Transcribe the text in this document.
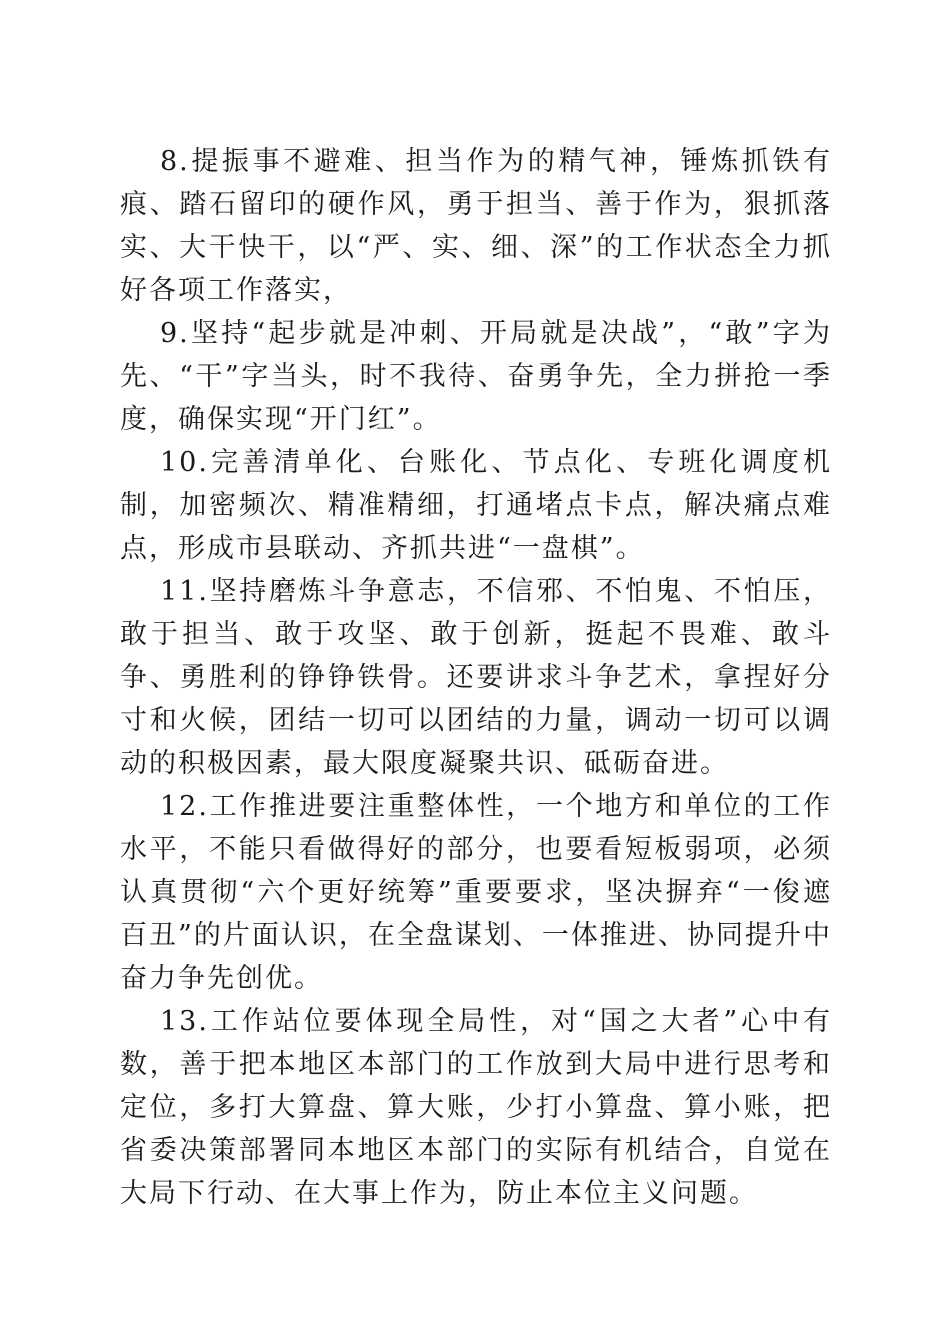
8.提振事不避难、担当作为的精气神，锤炼抓铁有痕、踏石留印的硬作风，勇于担当、善于作为，狠抓落实、大干快干，以“严、实、细、深”的工作状态全力抓好各项工作落实，

9.坚持“起步就是冲刺、开局就是决战”，“敢”字为先、“干”字当头，时不我待、奋勇争先，全力拼抢一季度，确保实现“开门红”。

10.完善清单化、台账化、节点化、专班化调度机制，加密频次、精准精细，打通堵点卡点，解决痛点难点，形成市县联动、齐抓共进“一盘棋”。

11.坚持磨炼斗争意志，不信邪、不怕鬼、不怕压，敢于担当、敢于攻坚、敢于创新，挺起不畏难、敢斗争、勇胜利的铮铮铁骨。还要讲求斗争艺术，拿捏好分寸和火候，团结一切可以团结的力量，调动一切可以调动的积极因素，最大限度凝聚共识、砥砺奋进。

12.工作推进要注重整体性，一个地方和单位的工作水平，不能只看做得好的部分，也要看短板弱项，必须认真贯彻“六个更好统筹”重要要求，坚决摒弃“一俊遮百丑”的片面认识，在全盘谋划、一体推进、协同提升中奋力争先创优。

13.工作站位要体现全局性，对“国之大者”心中有数，善于把本地区本部门的工作放到大局中进行思考和定位，多打大算盘、算大账，少打小算盘、算小账，把省委决策部署同本地区本部门的实际有机结合，自觉在大局下行动、在大事上作为，防止本位主义问题。
